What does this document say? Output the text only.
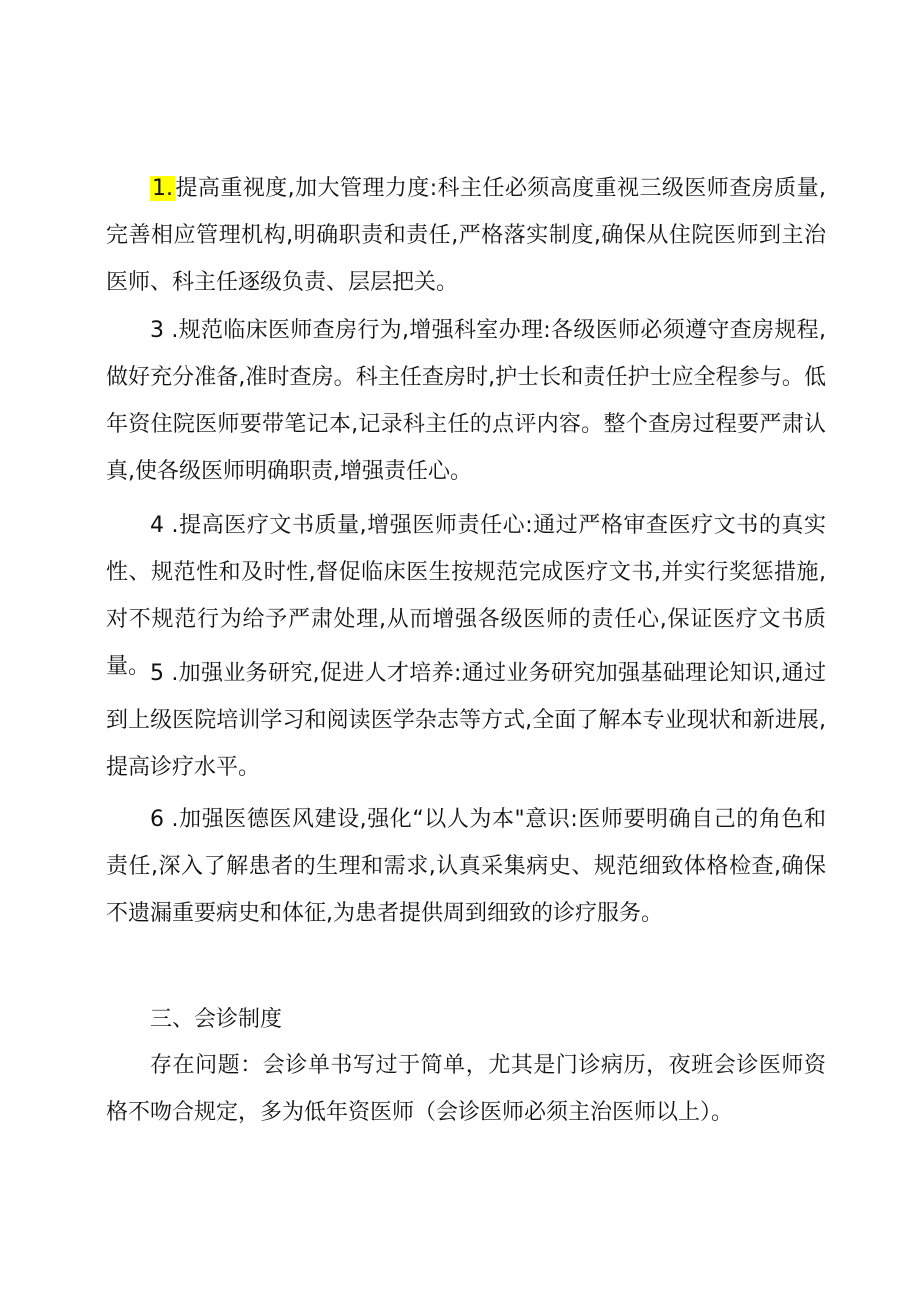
1.提高重视度,加大管理力度:科主任必须高度重视三级医师查房质量,完善相应管理机构,明确职责和责任,严格落实制度,确保从住院医师到主治医师、科主任逐级负责、层层把关。

3 .规范临床医师查房行为,增强科室办理:各级医师必须遵守查房规程,做好充分准备,准时查房。科主任查房时,护士长和责任护士应全程参与。低年资住院医师要带笔记本,记录科主任的点评内容。整个查房过程要严肃认真,使各级医师明确职责,增强责任心。

4 .提高医疗文书质量,增强医师责任心:通过严格审查医疗文书的真实性、规范性和及时性,督促临床医生按规范完成医疗文书,并实行奖惩措施,对不规范行为给予严肃处理,从而增强各级医师的责任心,保证医疗文书质量。 5 .加强业务研究,促进人才培养:通过业务研究加强基础理论知识,通过到上级医院培训学习和阅读医学杂志等方式,全面了解本专业现状和新进展,提高诊疗水平。

6 .加强医德医风建设,强化“以人为本"意识:医师要明确自己的角色和责任,深入了解患者的生理和需求,认真采集病史、规范细致体格检查,确保不遗漏重要病史和体征,为患者提供周到细致的诊疗服务。

三、会诊制度

存在问题：会诊单书写过于简单，尤其是门诊病历，夜班会诊医师资格不吻合规定，多为低年资医师（会诊医师必须主治医师以上）。
